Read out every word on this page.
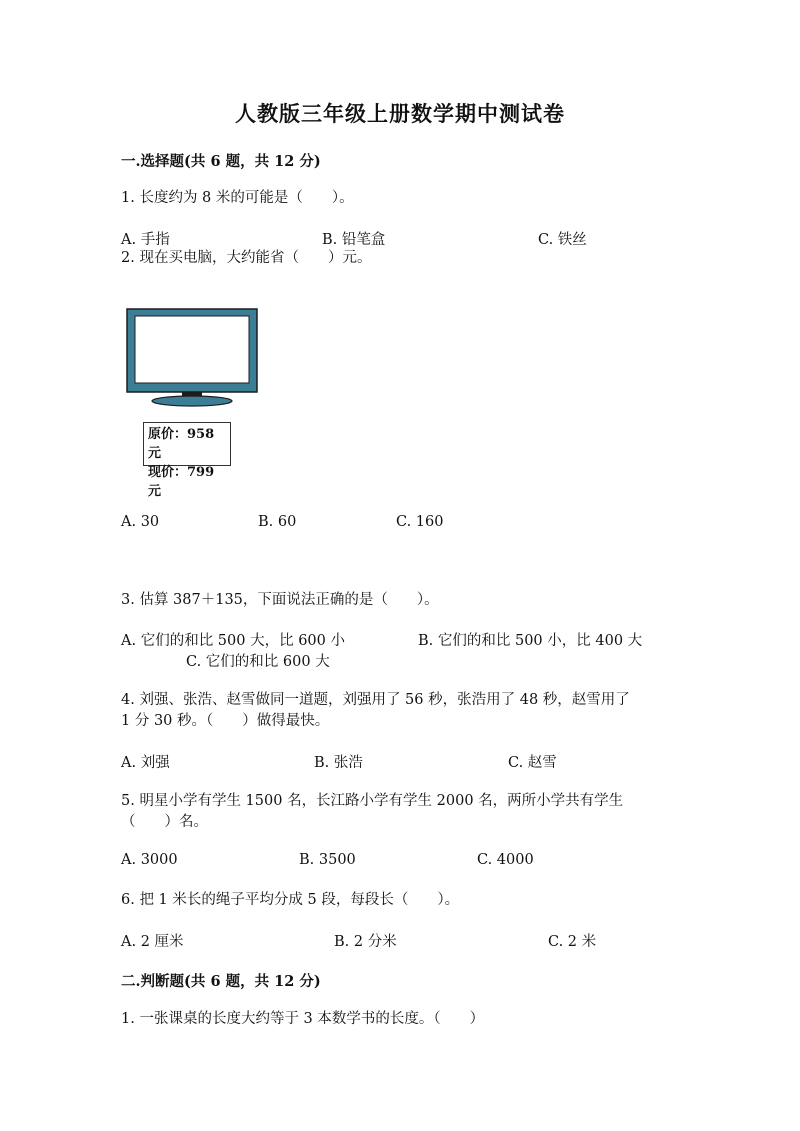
人教版三年级上册数学期中测试卷
一.选择题(共 6 题，共 12 分)
1. 长度约为 8 米的可能是（　　）。
A. 手指	B. 铅笔盒	C. 铁丝
2. 现在买电脑，大约能省（　　）元。
原价：958 元
现价：799 元
A. 30	B. 60	C. 160
3. 估算 387＋135，下面说法正确的是（　　）。
A. 它们的和比 500 大，比 600 小	B. 它们的和比 500 小，比 400 大
C. 它们的和比 600 大
4. 刘强、张浩、赵雪做同一道题，刘强用了 56 秒，张浩用了 48 秒，赵雪用了
1 分 30 秒。（　　）做得最快。
A. 刘强	B. 张浩	C. 赵雪
5. 明星小学有学生 1500 名，长江路小学有学生 2000 名，两所小学共有学生
（　　）名。
A. 3000	B. 3500	C. 4000
6. 把 1 米长的绳子平均分成 5 段，每段长（　　）。
A. 2 厘米	B. 2 分米	C. 2 米
二.判断题(共 6 题，共 12 分)
1. 一张课桌的长度大约等于 3 本数学书的长度。（　　）
